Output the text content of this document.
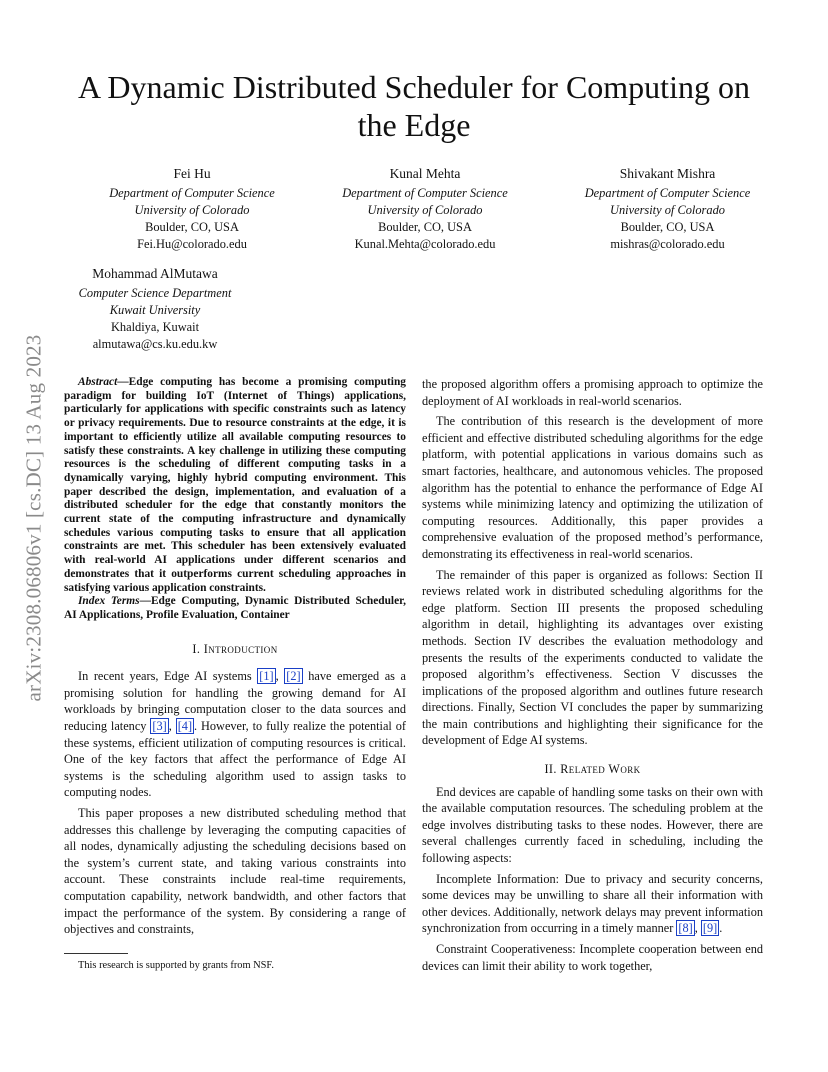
arXiv:2308.06806v1 [cs.DC] 13 Aug 2023
A Dynamic Distributed Scheduler for Computing on the Edge
Fei Hu
Department of Computer Science
University of Colorado
Boulder, CO, USA
Fei.Hu@colorado.edu
Kunal Mehta
Department of Computer Science
University of Colorado
Boulder, CO, USA
Kunal.Mehta@colorado.edu
Shivakant Mishra
Department of Computer Science
University of Colorado
Boulder, CO, USA
mishras@colorado.edu
Mohammad AlMutawa
Computer Science Department
Kuwait University
Khaldiya, Kuwait
almutawa@cs.ku.edu.kw

Abstract—Edge computing has become a promising computing paradigm for building IoT (Internet of Things) applications, particularly for applications with specific constraints such as latency or privacy requirements. Due to resource constraints at the edge, it is important to efficiently utilize all available computing resources to satisfy these constraints. A key challenge in utilizing these computing resources is the scheduling of different computing tasks in a dynamically varying, highly hybrid computing environment. This paper described the design, implementation, and evaluation of a distributed scheduler for the edge that constantly monitors the current state of the computing infrastructure and dynamically schedules various computing tasks to ensure that all application constraints are met. This scheduler has been extensively evaluated with real-world AI applications under different scenarios and demonstrates that it outperforms current scheduling approaches in satisfying various application constraints.

Index Terms—Edge Computing, Dynamic Distributed Scheduler, AI Applications, Profile Evaluation, Container

I. Introduction

In recent years, Edge AI systems [1] , [2] have emerged as a promising solution for handling the growing demand for AI workloads by bringing computation closer to the data sources and reducing latency [3] , [4] . However, to fully realize the potential of these systems, efficient utilization of computing resources is critical. One of the key factors that affect the performance of Edge AI systems is the scheduling algorithm used to assign tasks to computing nodes.

This paper proposes a new distributed scheduling method that addresses this challenge by leveraging the computing capacities of all nodes, dynamically adjusting the scheduling decisions based on the system’s current state, and taking various constraints into account. These constraints include real-time requirements, computation capability, network bandwidth, and other factors that impact the performance of the system. By considering a range of objectives and constraints,

the proposed algorithm offers a promising approach to optimize the deployment of AI workloads in real-world scenarios.

The contribution of this research is the development of more efficient and effective distributed scheduling algorithms for the edge platform, with potential applications in various domains such as smart factories, healthcare, and autonomous vehicles. The proposed algorithm has the potential to enhance the performance of Edge AI systems while minimizing latency and optimizing the utilization of computing resources. Additionally, this paper provides a comprehensive evaluation of the proposed method’s performance, demonstrating its effectiveness in real-world scenarios.

The remainder of this paper is organized as follows: Section II reviews related work in distributed scheduling algorithms for the edge platform. Section III presents the proposed scheduling algorithm in detail, highlighting its advantages over existing methods. Section IV describes the evaluation methodology and presents the results of the experiments conducted to validate the proposed algorithm’s effectiveness. Section V discusses the implications of the proposed algorithm and outlines future research directions. Finally, Section VI concludes the paper by summarizing the main contributions and highlighting their significance for the development of Edge AI systems.

II. Related Work

End devices are capable of handling some tasks on their own with the available computation resources. The scheduling problem at the edge involves distributing tasks to these nodes. However, there are several challenges currently faced in scheduling, including the following aspects:

Incomplete Information: Due to privacy and security concerns, some devices may be unwilling to share all their information with other devices. Additionally, network delays may prevent information synchronization from occurring in a timely manner [8] , [9] .

Constraint Cooperativeness: Incomplete cooperation between end devices can limit their ability to work together,

This research is supported by grants from NSF.
